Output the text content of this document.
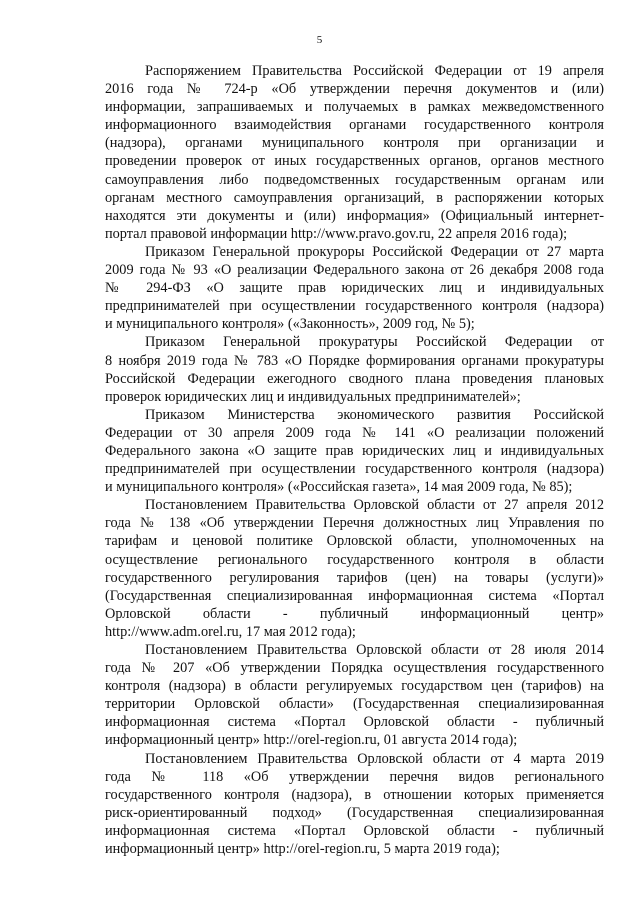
5
Распоряжением Правительства Российской Федерации от 19 апреля
2016 года № 724-р «Об утверждении перечня документов и (или)
информации, запрашиваемых и получаемых в рамках межведомственного
информационного взаимодействия органами государственного контроля
(надзора), органами муниципального контроля при организации и
проведении проверок от иных государственных органов, органов местного
самоуправления либо подведомственных государственным органам или
органам местного самоуправления организаций, в распоряжении которых
находятся эти документы и (или) информация» (Официальный интернет-
портал правовой информации http://www.pravo.gov.ru, 22 апреля 2016 года);
Приказом Генеральной прокуроры Российской Федерации от 27 марта
2009 года № 93 «О реализации Федерального закона от 26 декабря 2008 года
№ 294-ФЗ «О защите прав юридических лиц и индивидуальных
предпринимателей при осуществлении государственного контроля (надзора)
и муниципального контроля» («Законность», 2009 год, № 5);
Приказом Генеральной прокуратуры Российской Федерации от
8 ноября 2019 года № 783 «О Порядке формирования органами прокуратуры
Российской Федерации ежегодного сводного плана проведения плановых
проверок юридических лиц и индивидуальных предпринимателей»;
Приказом Министерства экономического развития Российской
Федерации от 30 апреля 2009 года № 141 «О реализации положений
Федерального закона «О защите прав юридических лиц и индивидуальных
предпринимателей при осуществлении государственного контроля (надзора)
и муниципального контроля» («Российская газета», 14 мая 2009 года, № 85);
Постановлением Правительства Орловской области от 27 апреля 2012
года № 138 «Об утверждении Перечня должностных лиц Управления по
тарифам и ценовой политике Орловской области, уполномоченных на
осуществление регионального государственного контроля в области
государственного регулирования тарифов (цен) на товары (услуги)»
(Государственная специализированная информационная система «Портал
Орловской области - публичный информационный центр»
http://www.adm.orel.ru, 17 мая 2012 года);
Постановлением Правительства Орловской области от 28 июля 2014
года № 207 «Об утверждении Порядка осуществления государственного
контроля (надзора) в области регулируемых государством цен (тарифов) на
территории Орловской области» (Государственная специализированная
информационная система «Портал Орловской области - публичный
информационный центр» http://orel-region.ru, 01 августа 2014 года);
Постановлением Правительства Орловской области от 4 марта 2019
года № 118 «Об утверждении перечня видов регионального
государственного контроля (надзора), в отношении которых применяется
риск-ориентированный подход» (Государственная специализированная
информационная система «Портал Орловской области - публичный
информационный центр» http://orel-region.ru, 5 марта 2019 года);
